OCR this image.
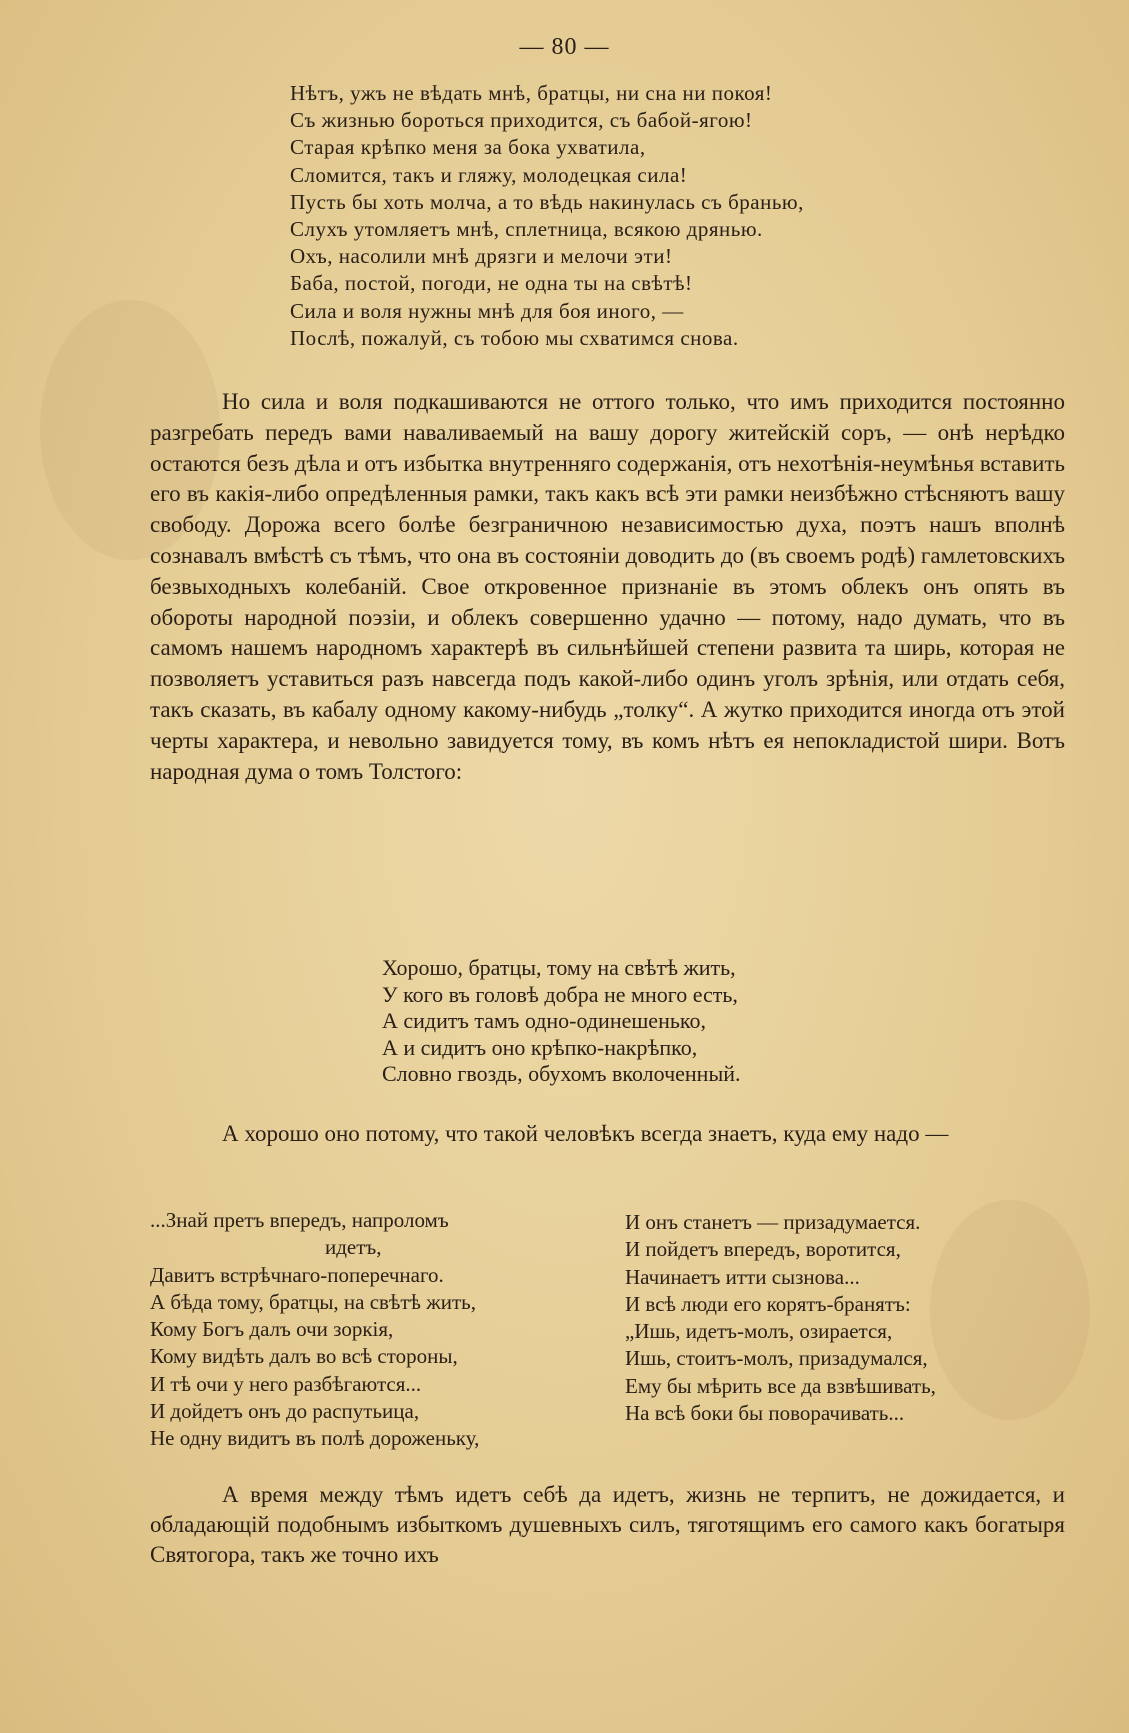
— 80 —
Нѣтъ, ужъ не вѣдать мнѣ, братцы, ни сна ни покоя!
Съ жизнью бороться приходится, съ бабой-ягою!
Старая крѣпко меня за бока ухватила,
Сломится, такъ и гляжу, молодецкая сила!
Пусть бы хоть молча, а то вѣдь накинулась съ бранью,
Слухъ утомляетъ мнѣ, сплетница, всякою дрянью.
Охъ, насолили мнѣ дрязги и мелочи эти!
Баба, постой, погоди, не одна ты на свѣтѣ!
Сила и воля нужны мнѣ для боя иного, —
Послѣ, пожалуй, съ тобою мы схватимся снова.

Но сила и воля подкашиваются не оттого только, что имъ приходится постоянно разгребать передъ вами наваливаемый на вашу дорогу житейскій соръ, — онѣ нерѣдко остаются безъ дѣла и отъ избытка внутренняго содержанія, отъ нехотѣнія-неумѣнья вставить его въ какія-либо опредѣленныя рамки, такъ какъ всѣ эти рамки неизбѣжно стѣсняютъ вашу свободу. Дорожа всего болѣе безграничною независимостью духа, поэтъ нашъ вполнѣ сознавалъ вмѣстѣ съ тѣмъ, что она въ состояніи доводить до (въ своемъ родѣ) гамлетовскихъ безвыходныхъ колебаній. Свое откровенное признаніе въ этомъ облекъ онъ опять въ обороты народной поэзіи, и облекъ совершенно удачно — потому, надо думать, что въ самомъ нашемъ народномъ характерѣ въ сильнѣйшей степени развита та ширь, которая не позволяетъ уставиться разъ навсегда подъ какой-либо одинъ уголъ зрѣнія, или отдать себя, такъ сказать, въ кабалу одному какому-нибудь „толку“. А жутко приходится иногда отъ этой черты характера, и невольно завидуется тому, въ комъ нѣтъ ея непокладистой шири. Вотъ народная дума о томъ Толстого:

Хорошо, братцы, тому на свѣтѣ жить,
У кого въ головѣ добра не много есть,
А сидитъ тамъ одно-одинешенько,
А и сидитъ оно крѣпко-накрѣпко,
Словно гвоздь, обухомъ вколоченный.

А хорошо оно потому, что такой человѣкъ всегда знаетъ, куда ему надо —

...Знай претъ впередъ, напроломъ
идетъ,
Давитъ встрѣчнаго-поперечнаго.
А бѣда тому, братцы, на свѣтѣ жить,
Кому Богъ далъ очи зоркія,
Кому видѣть далъ во всѣ стороны,
И тѣ очи у него разбѣгаются...
И дойдетъ онъ до распутьица,
Не одну видитъ въ полѣ дороженьку,
И онъ станетъ — призадумается.
И пойдетъ впередъ, воротится,
Начинаетъ итти сызнова...
И всѣ люди его корятъ-бранятъ:
„Ишь, идетъ-молъ, озирается,
Ишь, стоитъ-молъ, призадумался,
Ему бы мѣрить все да взвѣшивать,
На всѣ боки бы поворачивать...

А время между тѣмъ идетъ себѣ да идетъ, жизнь не терпитъ, не дожидается, и обладающій подобнымъ избыткомъ душевныхъ силъ, тяготящимъ его самого какъ богатыря Святогора, такъ же точно ихъ
